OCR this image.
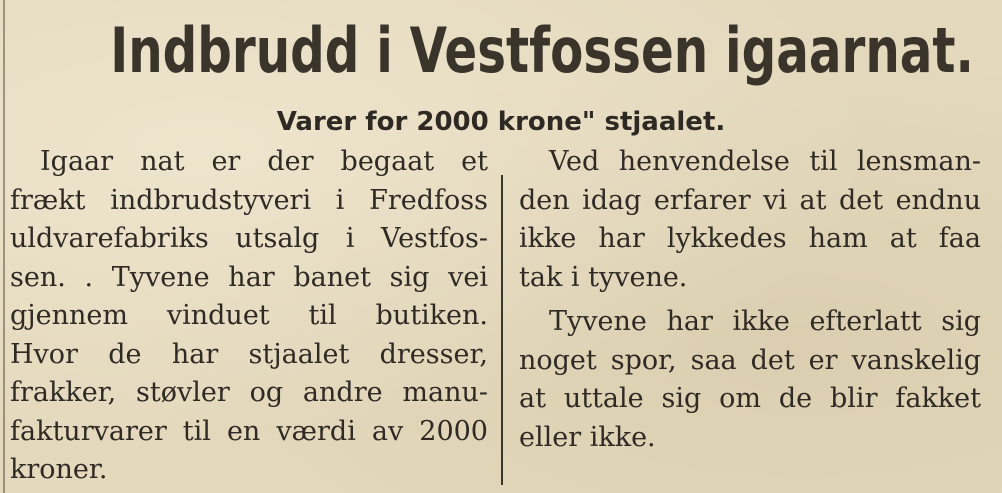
Indbrudd i Vestfossen igaarnat.
Varer for 2000 krone" stjaalet.
Igaar nat er der begaat et
frækt indbrudstyveri i Fredfoss
uldvarefabriks utsalg i Vestfos-
sen. . Tyvene har banet sig vei
gjennem vinduet til butiken.
Hvor de har stjaalet dresser,
frakker, støvler og andre manu-
fakturvarer til en værdi av 2000
kroner.
Ved henvendelse til lensman-
den idag erfarer vi at det endnu
ikke har lykkedes ham at faa
tak i tyvene.
Tyvene har ikke efterlatt sig
noget spor, saa det er vanskelig
at uttale sig om de blir fakket
eller ikke.
